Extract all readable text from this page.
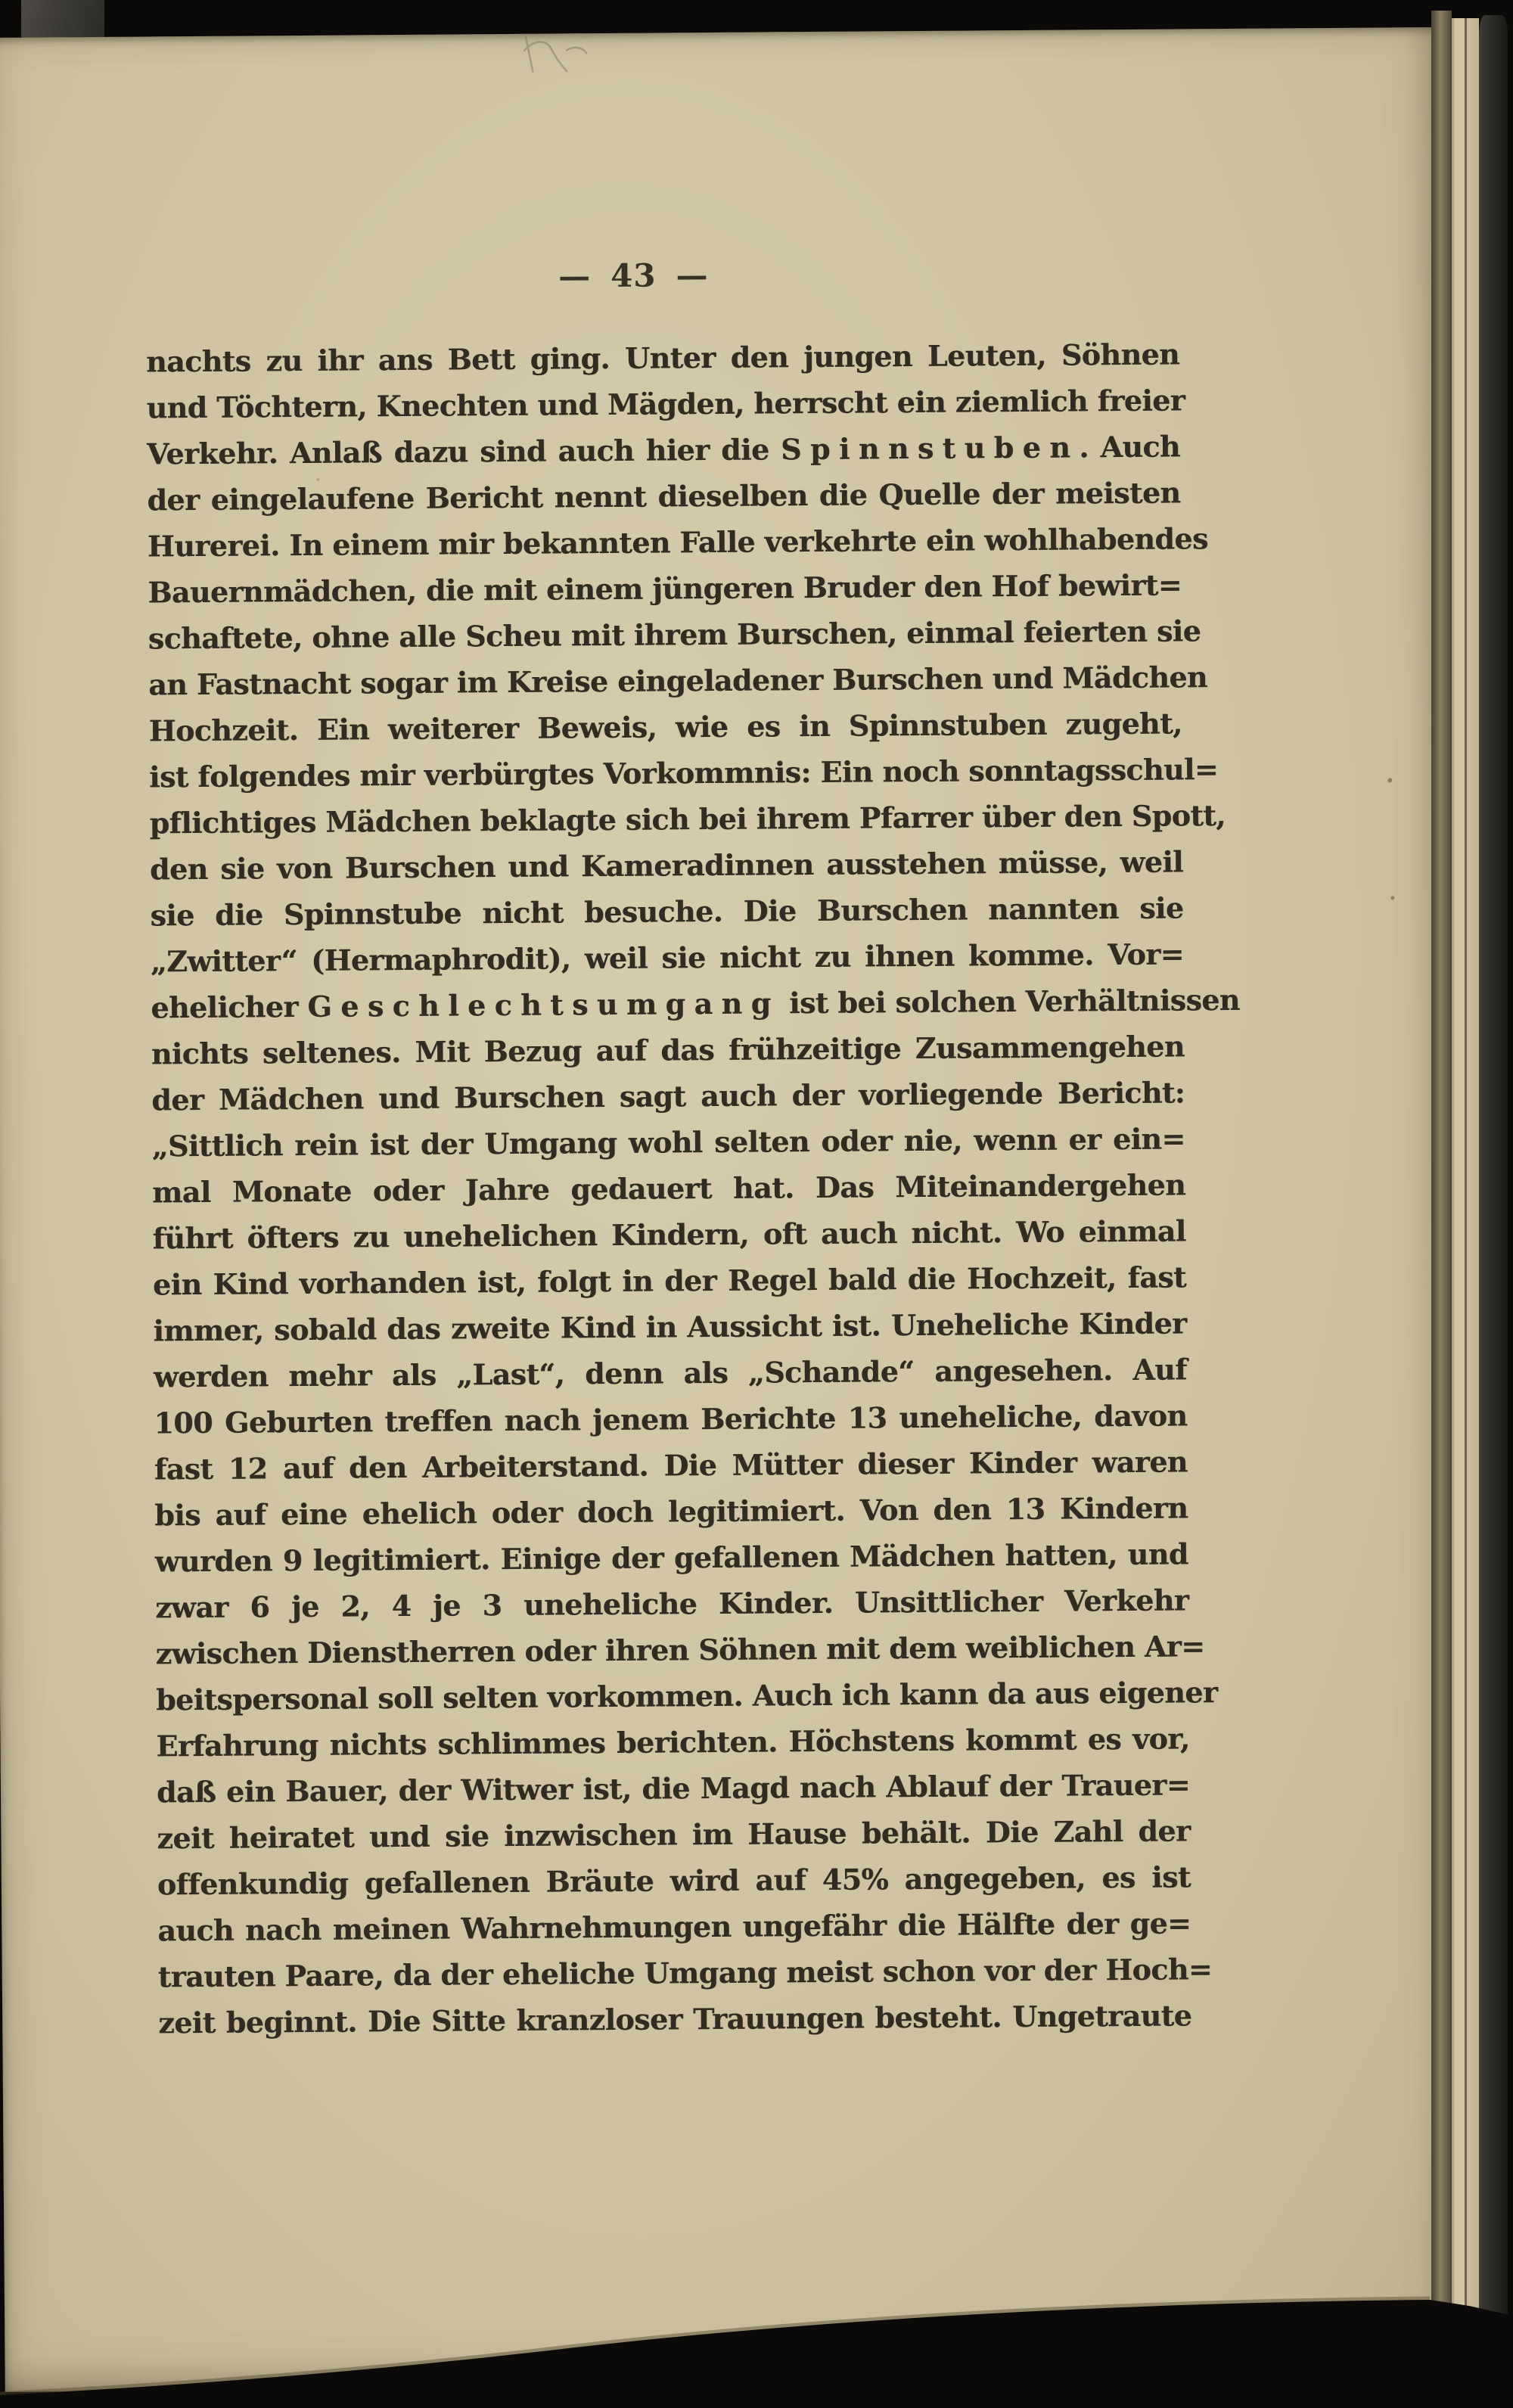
— 43 —
nachts zu ihr ans Bett ging. Unter den jungen Leuten, Söhnen
und Töchtern, Knechten und Mägden, herrscht ein ziemlich freier
Verkehr. Anlaß dazu sind auch hier die Spinnstuben. Auch
der eingelaufene Bericht nennt dieselben die Quelle der meisten
Hurerei. In einem mir bekannten Falle verkehrte ein wohlhabendes
Bauernmädchen, die mit einem jüngeren Bruder den Hof bewirt=
schaftete, ohne alle Scheu mit ihrem Burschen, einmal feierten sie
an Fastnacht sogar im Kreise eingeladener Burschen und Mädchen
Hochzeit. Ein weiterer Beweis, wie es in Spinnstuben zugeht,
ist folgendes mir verbürgtes Vorkommnis: Ein noch sonntagsschul=
pflichtiges Mädchen beklagte sich bei ihrem Pfarrer über den Spott,
den sie von Burschen und Kameradinnen ausstehen müsse, weil
sie die Spinnstube nicht besuche. Die Burschen nannten sie
„Zwitter“ (Hermaphrodit), weil sie nicht zu ihnen komme. Vor=
ehelicher Geschlechtsumgang ist bei solchen Verhältnissen
nichts seltenes. Mit Bezug auf das frühzeitige Zusammengehen
der Mädchen und Burschen sagt auch der vorliegende Bericht:
„Sittlich rein ist der Umgang wohl selten oder nie, wenn er ein=
mal Monate oder Jahre gedauert hat. Das Miteinandergehen
führt öfters zu unehelichen Kindern, oft auch nicht. Wo einmal
ein Kind vorhanden ist, folgt in der Regel bald die Hochzeit, fast
immer, sobald das zweite Kind in Aussicht ist. Uneheliche Kinder
werden mehr als „Last“, denn als „Schande“ angesehen. Auf
100 Geburten treffen nach jenem Berichte 13 uneheliche, davon
fast 12 auf den Arbeiterstand. Die Mütter dieser Kinder waren
bis auf eine ehelich oder doch legitimiert. Von den 13 Kindern
wurden 9 legitimiert. Einige der gefallenen Mädchen hatten, und
zwar 6 je 2, 4 je 3 uneheliche Kinder. Unsittlicher Verkehr
zwischen Dienstherren oder ihren Söhnen mit dem weiblichen Ar=
beitspersonal soll selten vorkommen. Auch ich kann da aus eigener
Erfahrung nichts schlimmes berichten. Höchstens kommt es vor,
daß ein Bauer, der Witwer ist, die Magd nach Ablauf der Trauer=
zeit heiratet und sie inzwischen im Hause behält. Die Zahl der
offenkundig gefallenen Bräute wird auf 45% angegeben, es ist
auch nach meinen Wahrnehmungen ungefähr die Hälfte der ge=
trauten Paare, da der eheliche Umgang meist schon vor der Hoch=
zeit beginnt. Die Sitte kranzloser Trauungen besteht. Ungetraute
